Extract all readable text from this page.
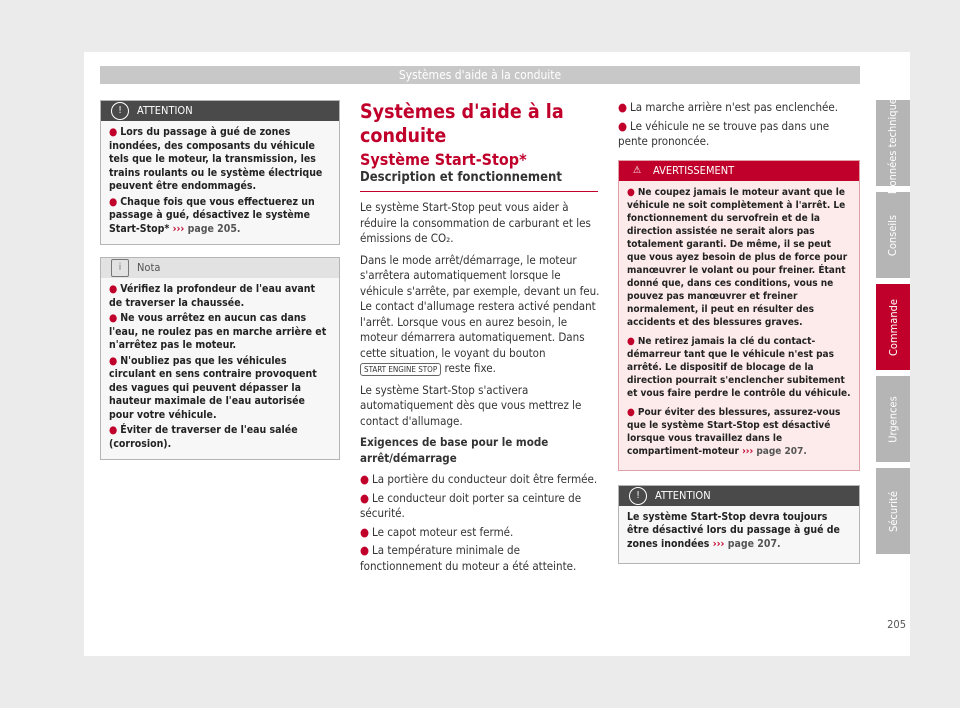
Systèmes d'aide à la conduite
!	ATTENTION

● Lors du passage à gué de zones inondées, des composants du véhicule tels que le moteur, la transmission, les trains roulants ou le système électrique peuvent être endommagés.

● Chaque fois que vous effectuerez un passage à gué, désactivez le système Start-Stop* ››› page 205.

i	Nota

● Vérifiez la profondeur de l'eau avant de traverser la chaussée.

● Ne vous arrêtez en aucun cas dans l'eau, ne roulez pas en marche arrière et n'arrêtez pas le moteur.

● N'oubliez pas que les véhicules circulant en sens contraire provoquent des vagues qui peuvent dépasser la hauteur maximale de l'eau autorisée pour votre véhicule.

● Éviter de traverser de l'eau salée (corrosion).

Systèmes d'aide à la conduite
Système Start-Stop*
Description et fonctionnement

Le système Start-Stop peut vous aider à réduire la consommation de carburant et les émissions de CO₂.

Dans le mode arrêt/démarrage, le moteur s'arrêtera automatiquement lorsque le véhicule s'arrête, par exemple, devant un feu. Le contact d'allumage restera activé pendant l'arrêt. Lorsque vous en aurez besoin, le moteur démarrera automatiquement. Dans cette situation, le voyant du bouton START ENGINE STOP reste fixe.

Le système Start-Stop s'activera automatiquement dès que vous mettrez le contact d'allumage.

Exigences de base pour le mode arrêt/démarrage

● La portière du conducteur doit être fermée.

● Le conducteur doit porter sa ceinture de sécurité.

● Le capot moteur est fermé.

● La température minimale de fonctionnement du moteur a été atteinte.

● La marche arrière n'est pas enclenchée.

● Le véhicule ne se trouve pas dans une pente prononcée.

⚠	AVERTISSEMENT

● Ne coupez jamais le moteur avant que le véhicule ne soit complètement à l'arrêt. Le fonctionnement du servofrein et de la direction assistée ne serait alors pas totalement garanti. De même, il se peut que vous ayez besoin de plus de force pour manœuvrer le volant ou pour freiner. Étant donné que, dans ces conditions, vous ne pouvez pas manœuvrer et freiner normalement, il peut en résulter des accidents et des blessures graves.

● Ne retirez jamais la clé du contact-démarreur tant que le véhicule n'est pas arrêté. Le dispositif de blocage de la direction pourrait s'enclencher subitement et vous faire perdre le contrôle du véhicule.

● Pour éviter des blessures, assurez-vous que le système Start-Stop est désactivé lorsque vous travaillez dans le compartiment-moteur ››› page 207.

!	ATTENTION

Le système Start-Stop devra toujours être désactivé lors du passage à gué de zones inondées ››› page 207.

Données techniques
Conseils
Commande
Urgences
Sécurité
205
